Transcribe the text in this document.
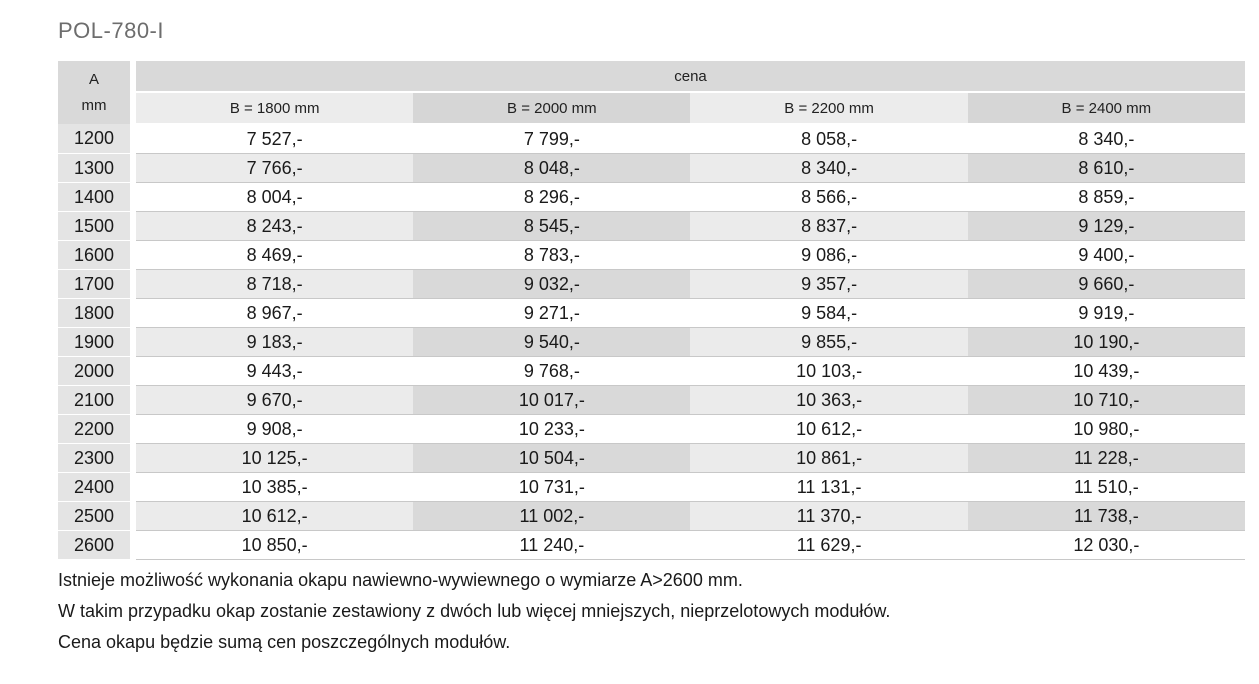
POL-780-I
A
mm		cena			
		B = 1800 mm	B = 2000 mm	B = 2200 mm	B = 2400 mm
1200		7 527,-	7 799,-	8 058,-	8 340,-
1300		7 766,-	8 048,-	8 340,-	8 610,-
1400		8 004,-	8 296,-	8 566,-	8 859,-
1500		8 243,-	8 545,-	8 837,-	9 129,-
1600		8 469,-	8 783,-	9 086,-	9 400,-
1700		8 718,-	9 032,-	9 357,-	9 660,-
1800		8 967,-	9 271,-	9 584,-	9 919,-
1900		9 183,-	9 540,-	9 855,-	10 190,-
2000		9 443,-	9 768,-	10 103,-	10 439,-
2100		9 670,-	10 017,-	10 363,-	10 710,-
2200		9 908,-	10 233,-	10 612,-	10 980,-
2300		10 125,-	10 504,-	10 861,-	11 228,-
2400		10 385,-	10 731,-	11 131,-	11 510,-
2500		10 612,-	11 002,-	11 370,-	11 738,-
2600		10 850,-	11 240,-	11 629,-	12 030,-

Istnieje możliwość wykonania okapu nawiewno-wywiewnego o wymiarze A>2600 mm.

W takim przypadku okap zostanie zestawiony z dwóch lub więcej mniejszych, nieprzelotowych modułów.

Cena okapu będzie sumą cen poszczególnych modułów.
